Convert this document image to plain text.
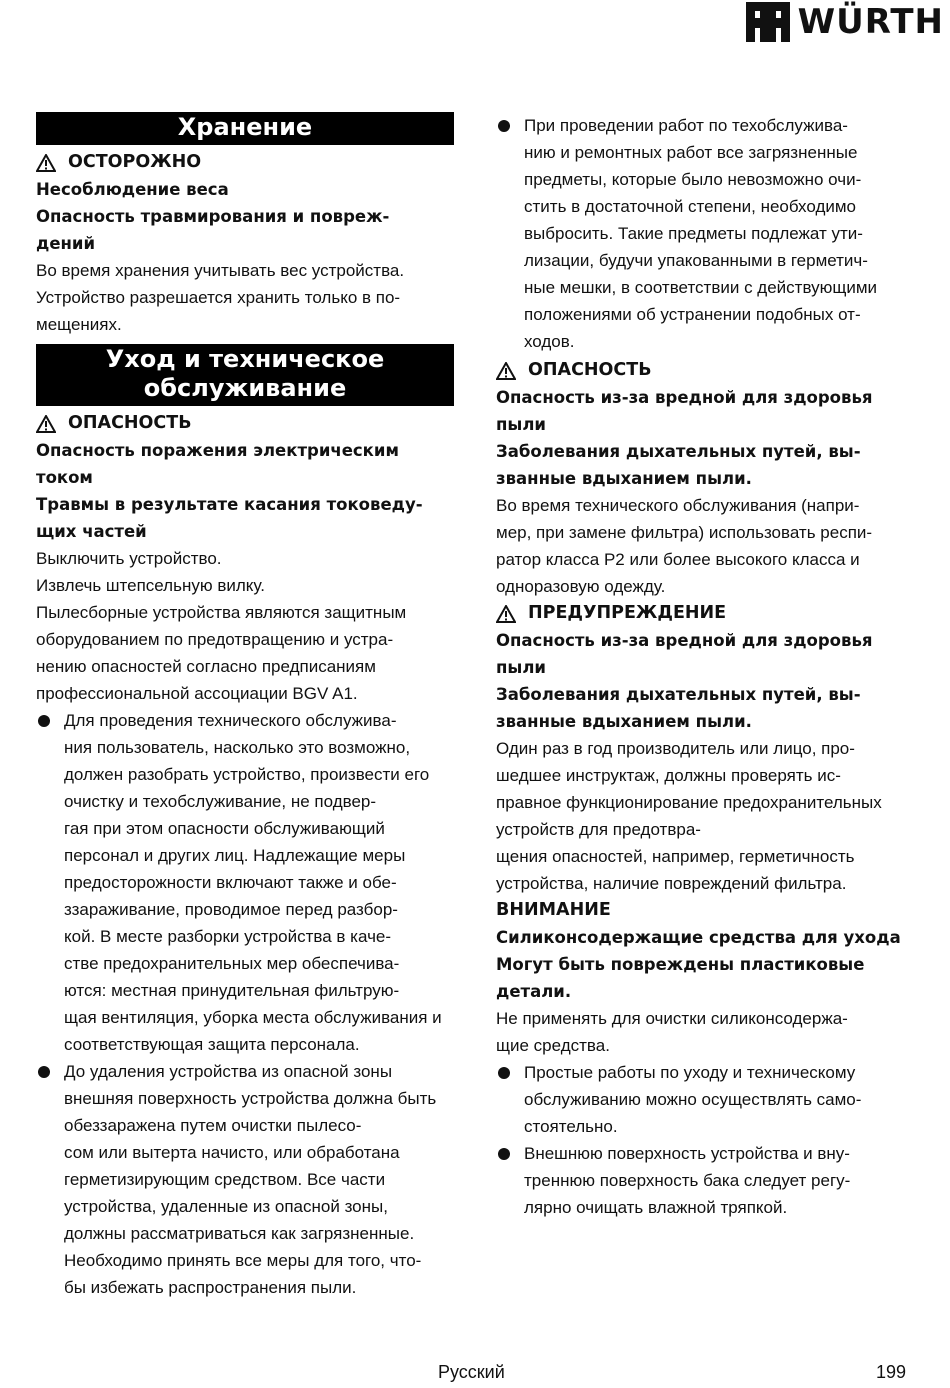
WÜRTH
Хранение
ОСТОРОЖНО
Несоблюдение веса
Опасность травмирования и повреж-
дений

Во время хранения учитывать вес устройства. Устройство разрешается хранить только в по-
мещениях.

Уход и техническое
обслуживание
ОПАСНОСТЬ
Опасность поражения электрическим током
Травмы в результате касания токоведу-
щих частей

Выключить устройство.

Извлечь штепсельную вилку.

Пылесборные устройства являются защитным оборудованием по предотвращению и устра-
нению опасностей согласно предписаниям профессиональной ассоциации BGV A1.

Для проведения технического обслужива-
ния пользователь, насколько это возможно, должен разобрать устройство, произвести его очистку и техобслуживание, не подвер-
гая при этом опасности обслуживающий персонал и других лиц. Надлежащие меры предосторожности включают также и обе-
ззараживание, проводимое перед разбор-
кой. В месте разборки устройства в каче-
стве предохранительных мер обеспечива-
ются: местная принудительная фильтрую-
щая вентиляция, уборка места обслуживания и соответствующая защита персонала.
До удаления устройства из опасной зоны внешняя поверхность устройства должна быть обеззаражена путем очистки пылесо-
сом или вытерта начисто, или обработана герметизирующим средством. Все части устройства, удаленные из опасной зоны, должны рассматриваться как загрязненные. Необходимо принять все меры для того, что-
бы избежать распространения пыли.
При проведении работ по техобслужива-
нию и ремонтных работ все загрязненные предметы, которые было невозможно очи-
стить в достаточной степени, необходимо выбросить. Такие предметы подлежат ути-
лизации, будучи упакованными в герметич-
ные мешки, в соответствии с действующими положениями об устранении подобных от-
ходов.
ОПАСНОСТЬ
Опасность из-за вредной для здоровья пыли
Заболевания дыхательных путей, вы-
званные вдыханием пыли.

Во время технического обслуживания (напри-
мер, при замене фильтра) использовать респи-
ратор класса P2 или более высокого класса и одноразовую одежду.

ПРЕДУПРЕЖДЕНИЕ
Опасность из-за вредной для здоровья пыли
Заболевания дыхательных путей, вы-
званные вдыханием пыли.

Один раз в год производитель или лицо, про-
шедшее инструктаж, должны проверять ис-
правное функционирование предохранительных устройств для предотвра-
щения опасностей, например, герметичность устройства, наличие повреждений фильтра.

ВНИМАНИЕ
Силиконсодержащие средства для ухода
Могут быть повреждены пластиковые детали.

Не применять для очистки силиконсодержа-
щие средства.

Простые работы по уходу и техническому обслуживанию можно осуществлять само-
стоятельно.
Внешнюю поверхность устройства и вну-
треннюю поверхность бака следует регу-
лярно очищать влажной тряпкой.
Русский	199
